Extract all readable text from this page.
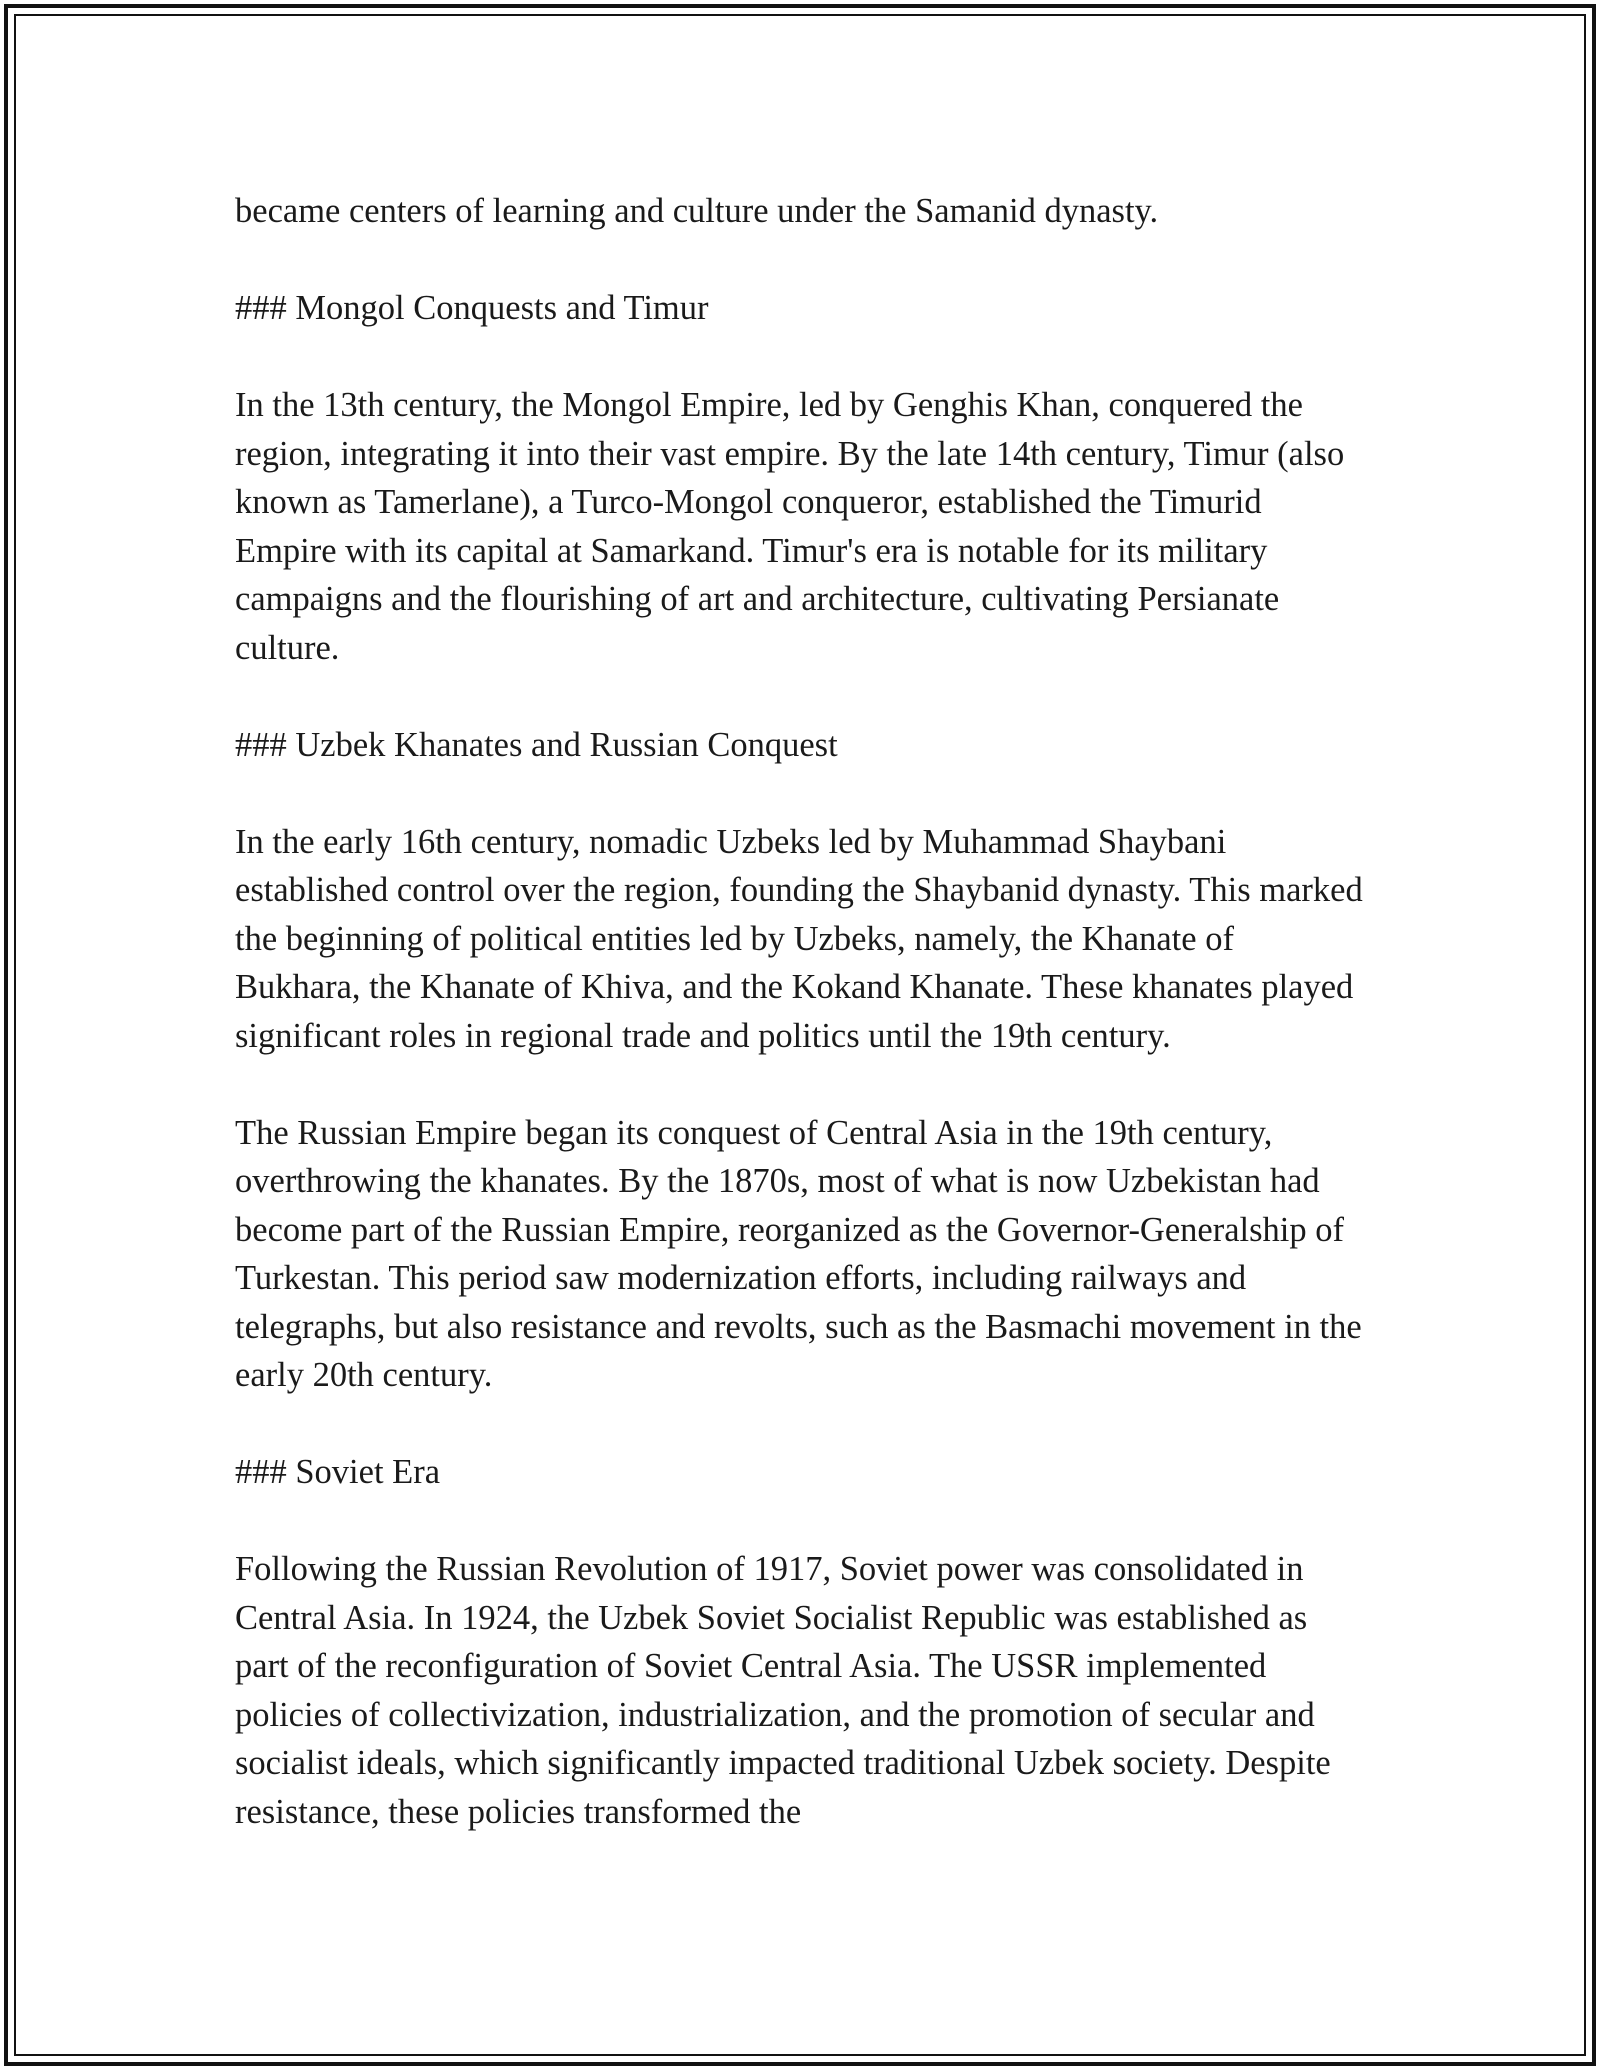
became centers of learning and culture under the Samanid dynasty.

### Mongol Conquests and Timur

In the 13th century, the Mongol Empire, led by Genghis Khan, conquered the region, integrating it into their vast empire. By the late 14th century, Timur (also known as Tamerlane), a Turco-Mongol conqueror, established the Timurid Empire with its capital at Samarkand. Timur's era is notable for its military campaigns and the flourishing of art and architecture, cultivating Persianate culture.

### Uzbek Khanates and Russian Conquest

In the early 16th century, nomadic Uzbeks led by Muhammad Shaybani established control over the region, founding the Shaybanid dynasty. This marked the beginning of political entities led by Uzbeks, namely, the Khanate of Bukhara, the Khanate of Khiva, and the Kokand Khanate. These khanates played significant roles in regional trade and politics until the 19th century.

The Russian Empire began its conquest of Central Asia in the 19th century, overthrowing the khanates. By the 1870s, most of what is now Uzbekistan had become part of the Russian Empire, reorganized as the Governor-Generalship of Turkestan. This period saw modernization efforts, including railways and telegraphs, but also resistance and revolts, such as the Basmachi movement in the early 20th century.

### Soviet Era

Following the Russian Revolution of 1917, Soviet power was consolidated in Central Asia. In 1924, the Uzbek Soviet Socialist Republic was established as part of the reconfiguration of Soviet Central Asia. The USSR implemented policies of collectivization, industrialization, and the promotion of secular and socialist ideals, which significantly impacted traditional Uzbek society. Despite resistance, these policies transformed the
